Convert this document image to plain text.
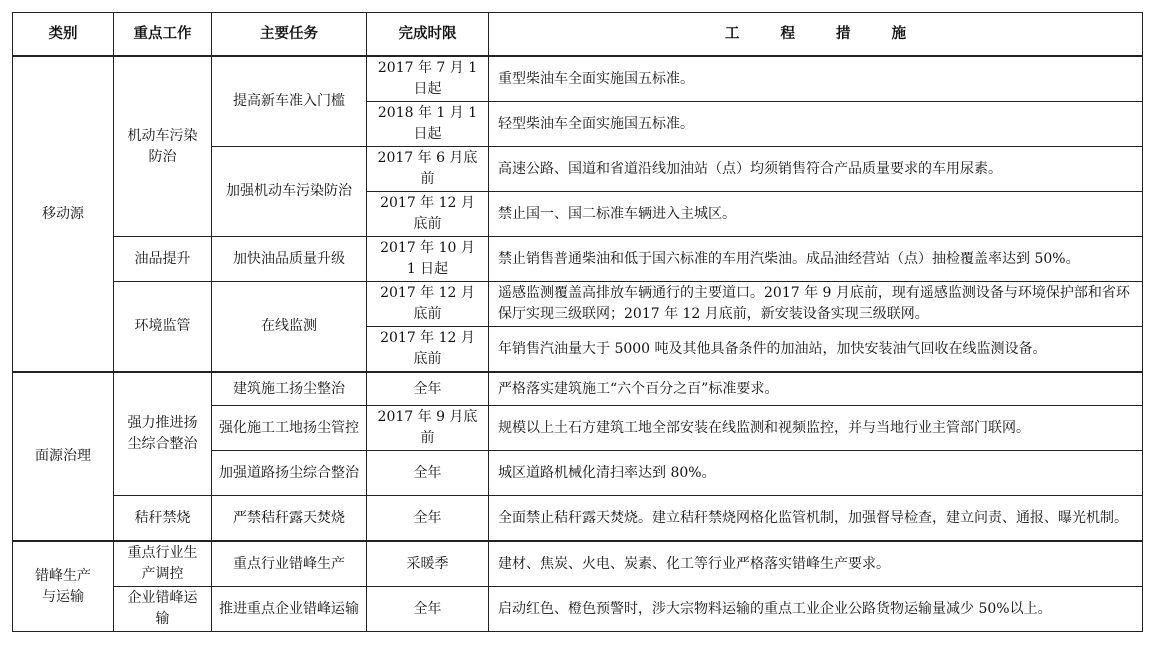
类别	重点工作	主要任务	完成时限	工 程 措 施
移动源	机动车污染防治	提高新车准入门槛	2017 年 7 月 1 日起	重型柴油车全面实施国五标准。
			2018 年 1 月 1 日起	轻型柴油车全面实施国五标准。
		加强机动车污染防治	2017 年 6 月底前	高速公路、国道和省道沿线加油站（点）均须销售符合产品质量要求的车用尿素。
			2017 年 12 月底前	禁止国一、国二标准车辆进入主城区。
	油品提升	加快油品质量升级	2017 年 10 月 1 日起	禁止销售普通柴油和低于国六标准的车用汽柴油。成品油经营站（点）抽检覆盖率达到 50%。
	环境监管	在线监测	2017 年 12 月底前	遥感监测覆盖高排放车辆通行的主要道口。2017 年 9 月底前，现有遥感监测设备与环境保护部和省环保厅实现三级联网；2017 年 12 月底前，新安装设备实现三级联网。
			2017 年 12 月底前	年销售汽油量大于 5000 吨及其他具备条件的加油站，加快安装油气回收在线监测设备。
面源治理	强力推进扬尘综合整治	建筑施工扬尘整治	全年	严格落实建筑施工“六个百分之百”标准要求。
		强化施工工地扬尘管控	2017 年 9 月底前	规模以上土石方建筑工地全部安装在线监测和视频监控，并与当地行业主管部门联网。
		加强道路扬尘综合整治	全年	城区道路机械化清扫率达到 80%。
	秸秆禁烧	严禁秸秆露天焚烧	全年	全面禁止秸秆露天焚烧。建立秸秆禁烧网格化监管机制，加强督导检查，建立问责、通报、曝光机制。
错峰生产与运输	重点行业生产调控	重点行业错峰生产	采暖季	建材、焦炭、火电、炭素、化工等行业严格落实错峰生产要求。
	企业错峰运输	推进重点企业错峰运输	全年	启动红色、橙色预警时，涉大宗物料运输的重点工业企业公路货物运输量减少 50%以上。
